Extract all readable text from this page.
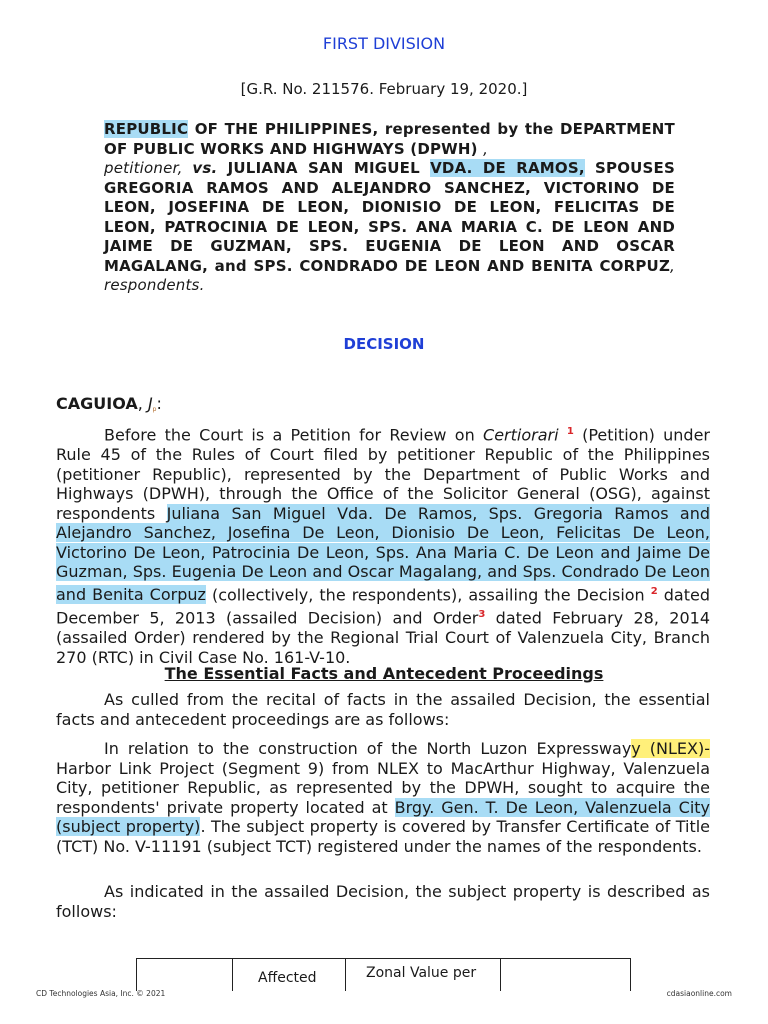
FIRST DIVISION
[G.R. No. 211576. February 19, 2020.]
REPUBLIC OF THE PHILIPPINES, represented by the DEPARTMENT OF PUBLIC WORKS AND HIGHWAYS (DPWH) ,
petitioner, vs. JULIANA SAN MIGUEL VDA. DE RAMOS, SPOUSES GREGORIA RAMOS AND ALEJANDRO SANCHEZ, VICTORINO DE LEON, JOSEFINA DE LEON, DIONISIO DE LEON, FELICITAS DE LEON, PATROCINIA DE LEON, SPS. ANA MARIA C. DE LEON AND JAIME DE GUZMAN, SPS. EUGENIA DE LEON AND OSCAR MAGALANG, and SPS. CONDRADO DE LEON AND BENITA CORPUZ, respondents.
DECISION
CAGUIOA, Jp:

Before the Court is a Petition for Review on Certiorari $^1$ (Petition) under Rule 45 of the Rules of Court filed by petitioner Republic of the Philippines (petitioner Republic), represented by the Department of Public Works and Highways (DPWH), through the Office of the Solicitor General (OSG), against respondents Juliana San Miguel Vda. De Ramos, Sps. Gregoria Ramos and Alejandro Sanchez, Josefina De Leon, Dionisio De Leon, Felicitas De Leon, Victorino De Leon, Patrocinia De Leon, Sps. Ana Maria C. De Leon and Jaime De Guzman, Sps. Eugenia De Leon and Oscar Magalang, and Sps. Condrado De Leon and Benita Corpuz (collectively, the respondents), assailing the Decision $^2$ dated December 5, 2013 (assailed Decision) and Order$^3$ dated February 28, 2014 (assailed Order) rendered by the Regional Trial Court of Valenzuela City, Branch 270 (RTC) in Civil Case No. 161-V-10.

The Essential Facts and Antecedent Proceedings

As culled from the recital of facts in the assailed Decision, the essential facts and antecedent proceedings are as follows:

In relation to the construction of the North Luzon Expresswayy (NLEX)- Harbor Link Project (Segment 9) from NLEX to MacArthur Highway, Valenzuela City, petitioner Republic, as represented by the DPWH, sought to acquire the respondents' private property located at Brgy. Gen. T. De Leon, Valenzuela City (subject property). The subject property is covered by Transfer Certificate of Title (TCT) No. V-11191 (subject TCT) registered under the names of the respondents.

As indicated in the assailed Decision, the subject property is described as follows:

Affected	Zonal Value per
CD Technologies Asia, Inc. © 2021	cdasiaonline.com
